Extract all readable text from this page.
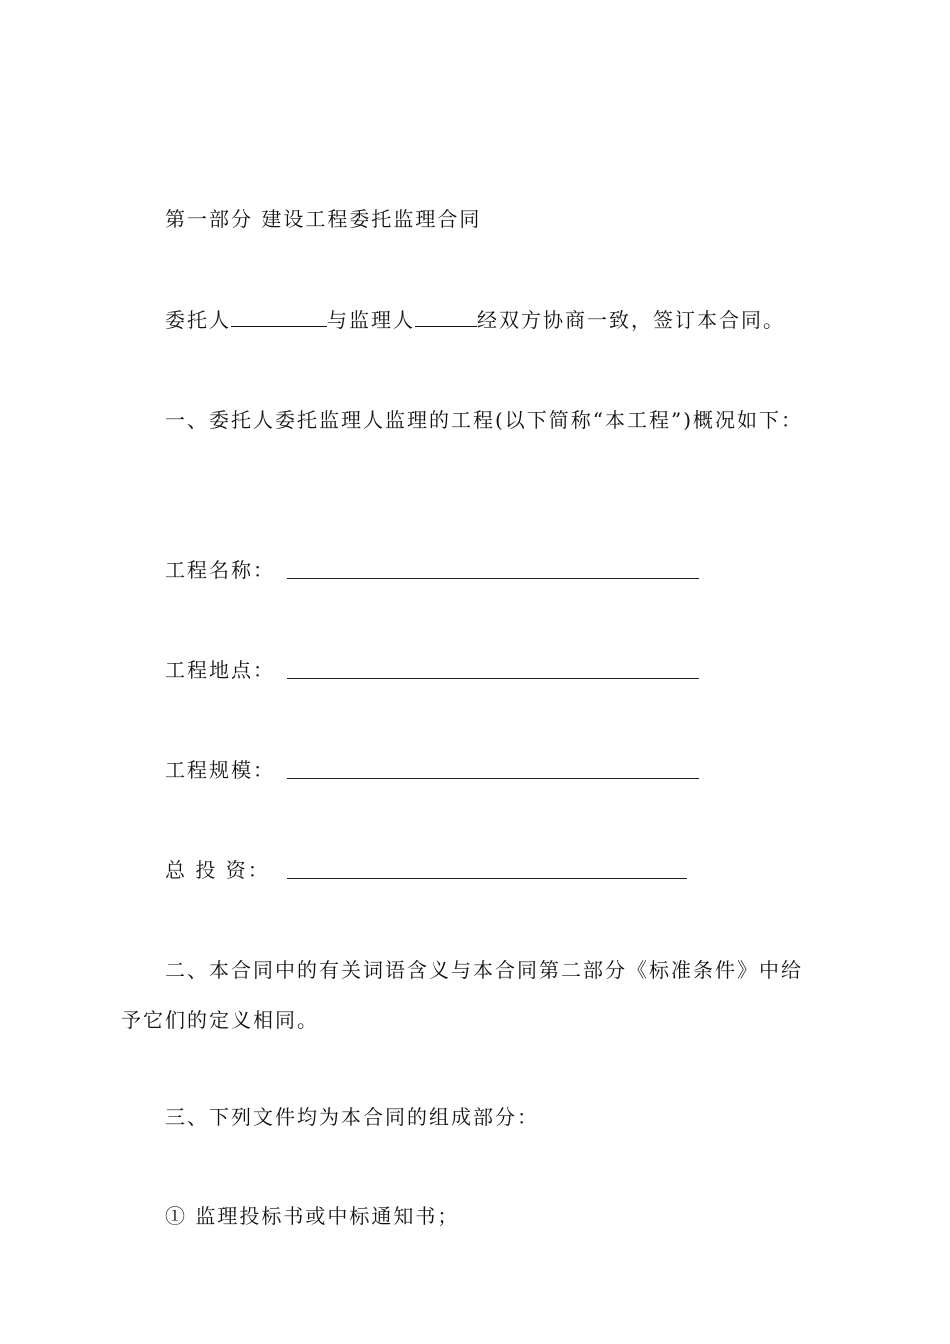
第一部分 建设工程委托监理合同
委托人	与监理人	经双方协商一致，签订本合同。
一、委托人委托监理人监理的工程(以下简称“本工程”)概况如下：
工程名称：
工程地点：
工程规模：
总 投 资：
二、本合同中的有关词语含义与本合同第二部分《标准条件》中给
予它们的定义相同。
三、下列文件均为本合同的组成部分：
① 监理投标书或中标通知书；
